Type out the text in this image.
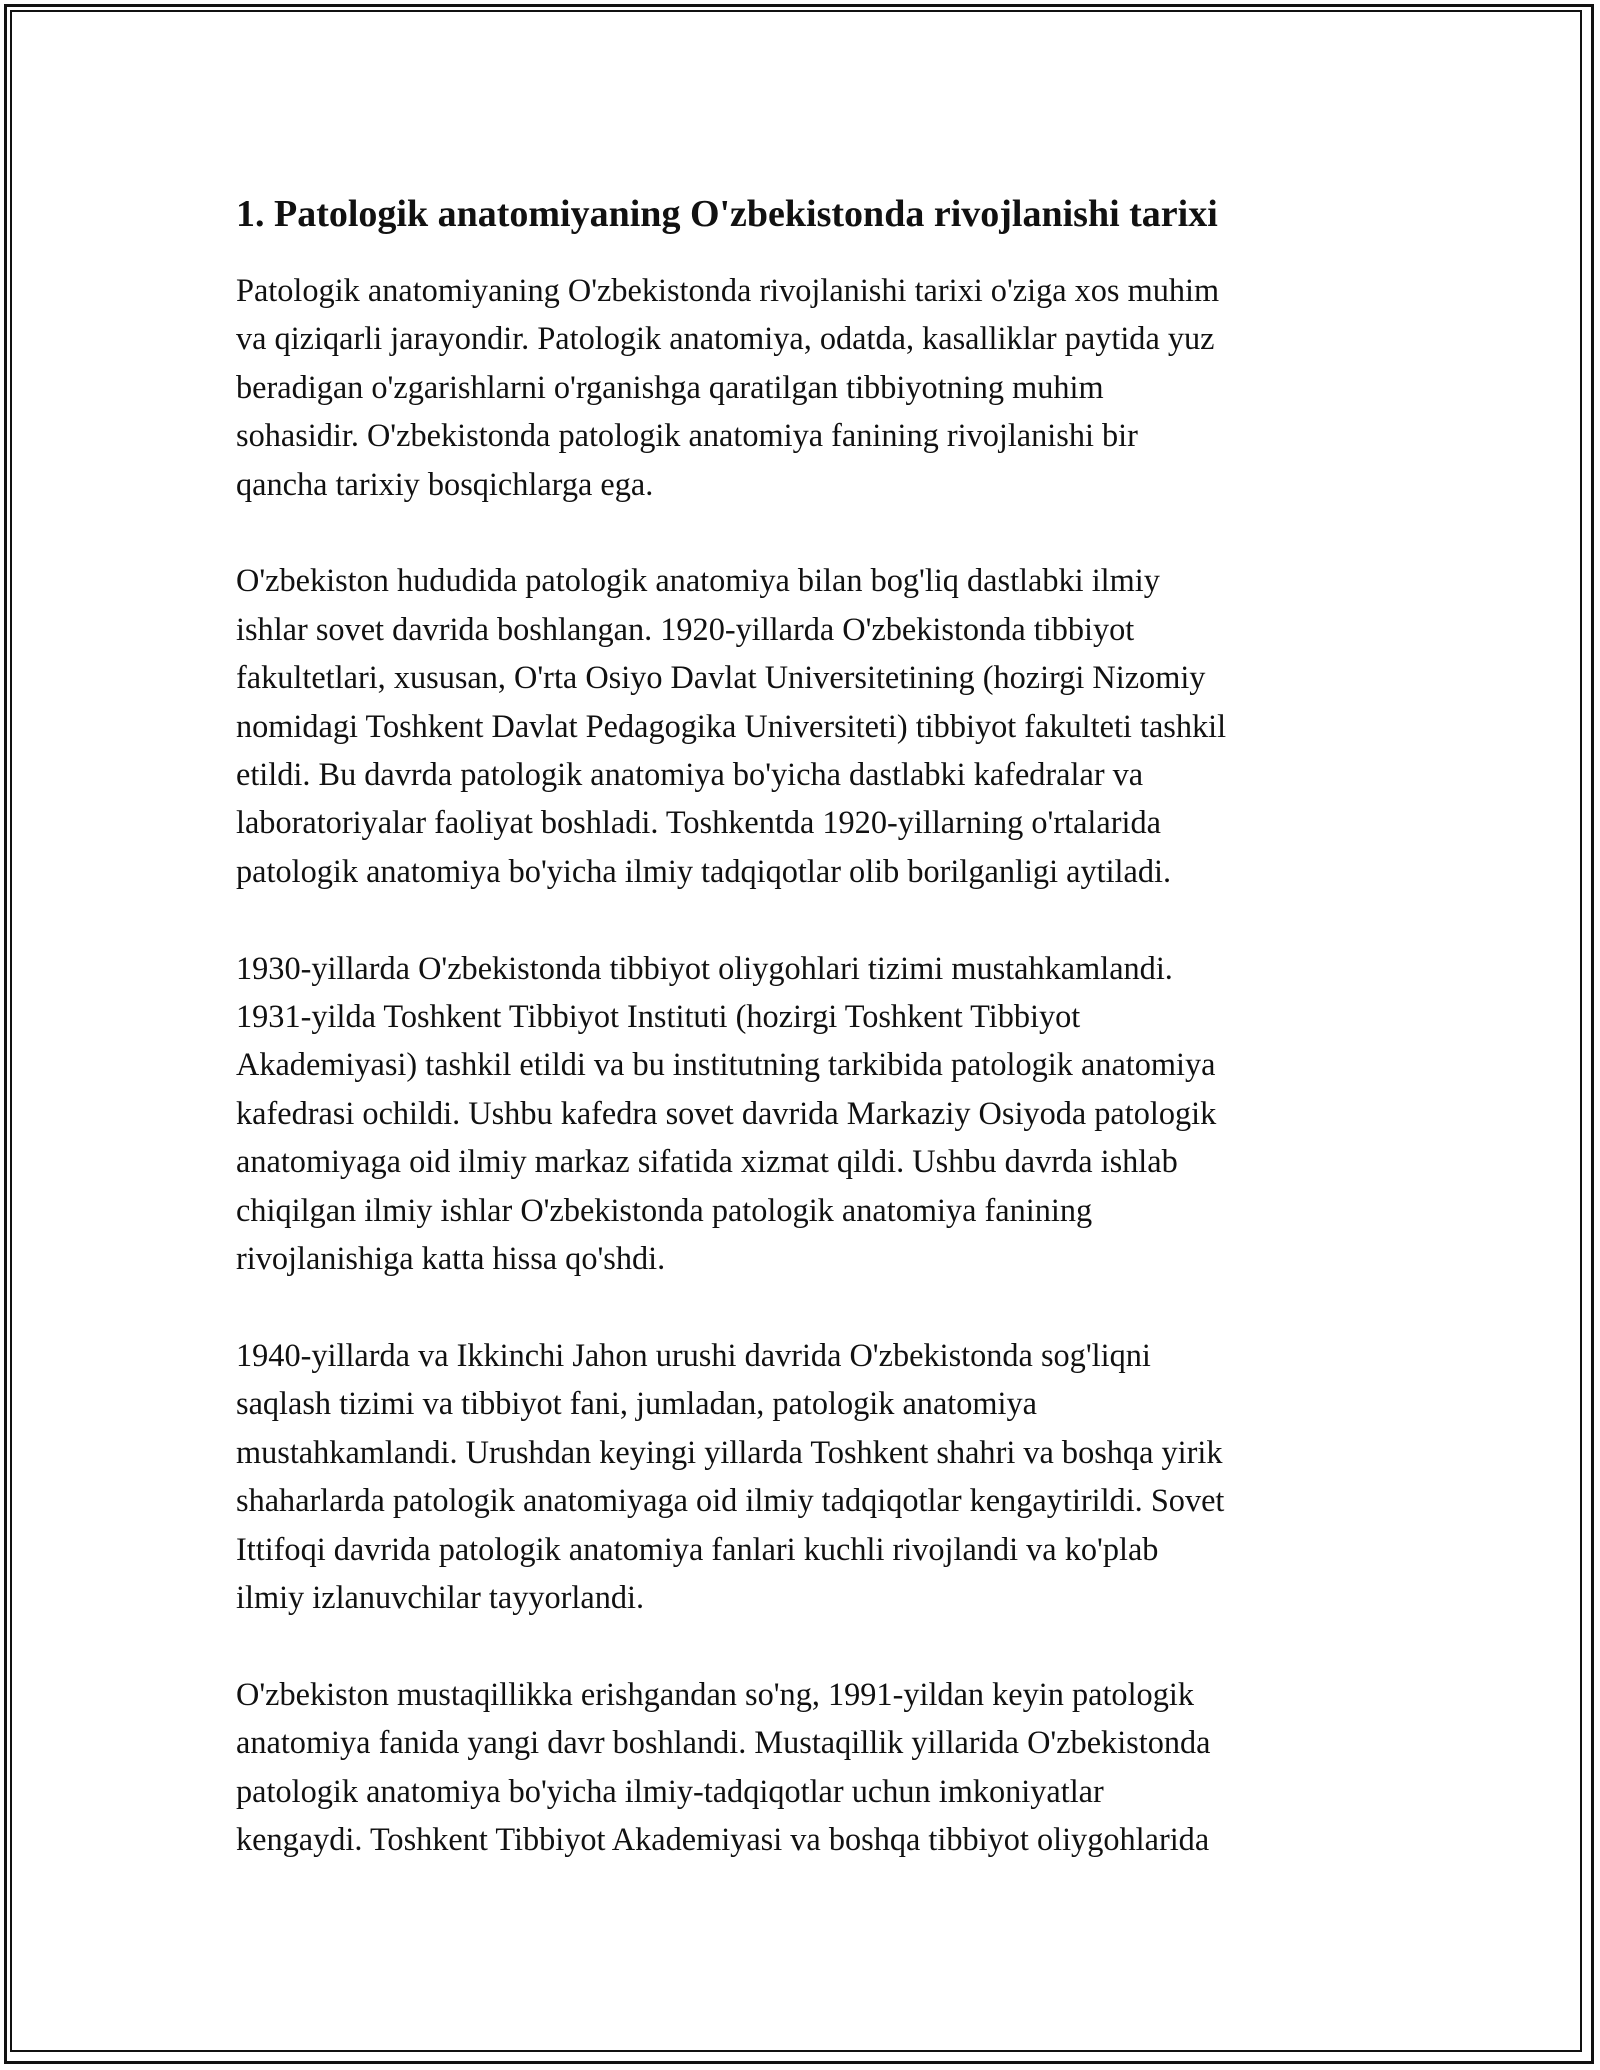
1. Patologik anatomiyaning O'zbekistonda rivojlanishi tarixi

Patologik anatomiyaning O'zbekistonda rivojlanishi tarixi o'ziga xos muhim
va qiziqarli jarayondir. Patologik anatomiya, odatda, kasalliklar paytida yuz
beradigan o'zgarishlarni o'rganishga qaratilgan tibbiyotning muhim
sohasidir. O'zbekistonda patologik anatomiya fanining rivojlanishi bir
qancha tarixiy bosqichlarga ega.

O'zbekiston hududida patologik anatomiya bilan bog'liq dastlabki ilmiy
ishlar sovet davrida boshlangan. 1920-yillarda O'zbekistonda tibbiyot
fakultetlari, xususan, O'rta Osiyo Davlat Universitetining (hozirgi Nizomiy
nomidagi Toshkent Davlat Pedagogika Universiteti) tibbiyot fakulteti tashkil
etildi. Bu davrda patologik anatomiya bo'yicha dastlabki kafedralar va
laboratoriyalar faoliyat boshladi. Toshkentda 1920-yillarning o'rtalarida
patologik anatomiya bo'yicha ilmiy tadqiqotlar olib borilganligi aytiladi.

1930-yillarda O'zbekistonda tibbiyot oliygohlari tizimi mustahkamlandi.
1931-yilda Toshkent Tibbiyot Instituti (hozirgi Toshkent Tibbiyot
Akademiyasi) tashkil etildi va bu institutning tarkibida patologik anatomiya
kafedrasi ochildi. Ushbu kafedra sovet davrida Markaziy Osiyoda patologik
anatomiyaga oid ilmiy markaz sifatida xizmat qildi. Ushbu davrda ishlab
chiqilgan ilmiy ishlar O'zbekistonda patologik anatomiya fanining
rivojlanishiga katta hissa qo'shdi.

1940-yillarda va Ikkinchi Jahon urushi davrida O'zbekistonda sog'liqni
saqlash tizimi va tibbiyot fani, jumladan, patologik anatomiya
mustahkamlandi. Urushdan keyingi yillarda Toshkent shahri va boshqa yirik
shaharlarda patologik anatomiyaga oid ilmiy tadqiqotlar kengaytirildi. Sovet
Ittifoqi davrida patologik anatomiya fanlari kuchli rivojlandi va ko'plab
ilmiy izlanuvchilar tayyorlandi.

O'zbekiston mustaqillikka erishgandan so'ng, 1991-yildan keyin patologik
anatomiya fanida yangi davr boshlandi. Mustaqillik yillarida O'zbekistonda
patologik anatomiya bo'yicha ilmiy-tadqiqotlar uchun imkoniyatlar
kengaydi. Toshkent Tibbiyot Akademiyasi va boshqa tibbiyot oliygohlarida
